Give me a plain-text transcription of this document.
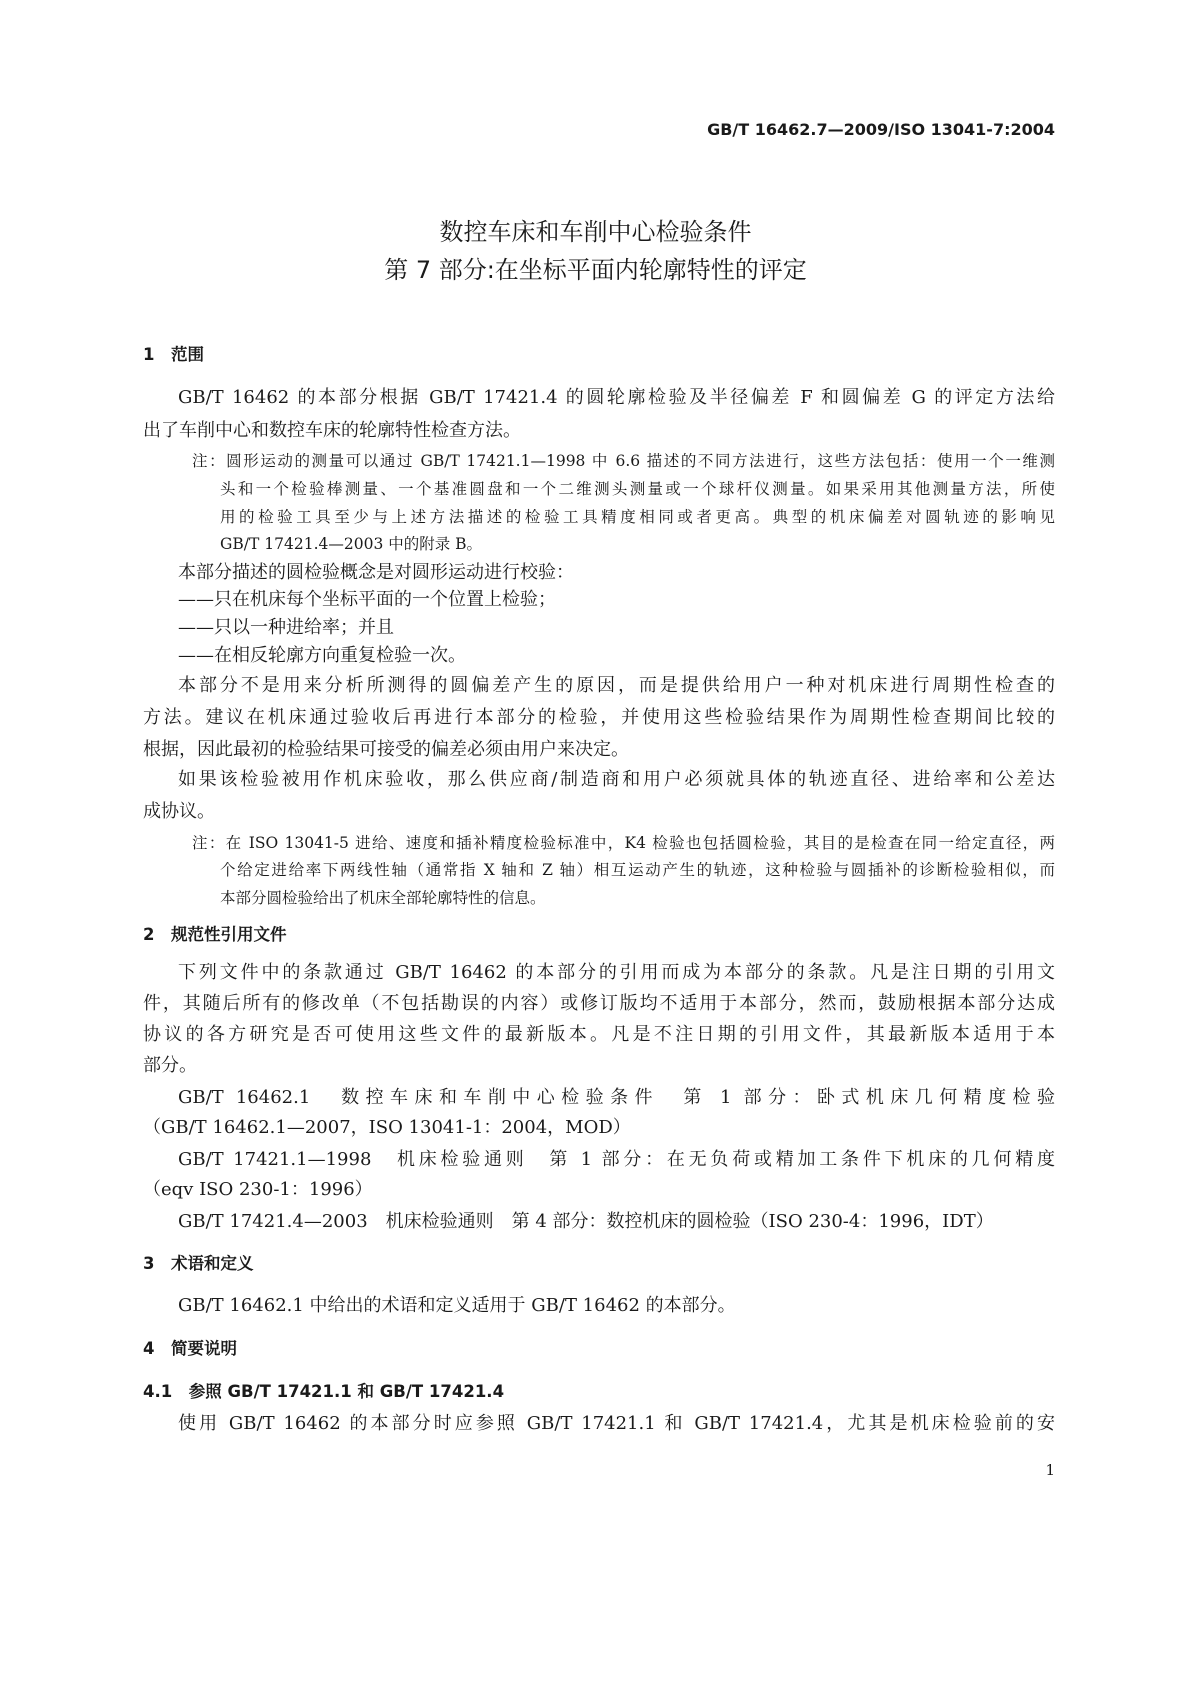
GB/T 16462.7—2009/ISO 13041-7:2004
数控车床和车削中心检验条件
第 7 部分:在坐标平面内轮廓特性的评定
1　范围
GB/T 16462 的本部分根据 GB/T 17421.4 的圆轮廓检验及半径偏差 F 和圆偏差 G 的评定方法给
出了车削中心和数控车床的轮廓特性检查方法。
注：圆形运动的测量可以通过 GB/T 17421.1—1998 中 6.6 描述的不同方法进行，这些方法包括：使用一个一维测
头和一个检验棒测量、一个基准圆盘和一个二维测头测量或一个球杆仪测量。如果采用其他测量方法，所使
用的检验工具至少与上述方法描述的检验工具精度相同或者更高。典型的机床偏差对圆轨迹的影响见
GB/T 17421.4—2003 中的附录 B。
本部分描述的圆检验概念是对圆形运动进行校验：
——只在机床每个坐标平面的一个位置上检验；
——只以一种进给率；并且
——在相反轮廓方向重复检验一次。
本部分不是用来分析所测得的圆偏差产生的原因，而是提供给用户一种对机床进行周期性检查的
方法。建议在机床通过验收后再进行本部分的检验，并使用这些检验结果作为周期性检查期间比较的
根据，因此最初的检验结果可接受的偏差必须由用户来决定。
如果该检验被用作机床验收，那么供应商/制造商和用户必须就具体的轨迹直径、进给率和公差达
成协议。
注：在 ISO 13041-5 进给、速度和插补精度检验标准中，K4 检验也包括圆检验，其目的是检查在同一给定直径，两
个给定进给率下两线性轴（通常指 X 轴和 Z 轴）相互运动产生的轨迹，这种检验与圆插补的诊断检验相似，而
本部分圆检验给出了机床全部轮廓特性的信息。
2　规范性引用文件
下列文件中的条款通过 GB/T 16462 的本部分的引用而成为本部分的条款。凡是注日期的引用文
件，其随后所有的修改单（不包括勘误的内容）或修订版均不适用于本部分，然而，鼓励根据本部分达成
协议的各方研究是否可使用这些文件的最新版本。凡是不注日期的引用文件，其最新版本适用于本
部分。
GB/T 16462.1　数控车床和车削中心检验条件　第 1 部分：卧式机床几何精度检验
（GB/T 16462.1—2007，ISO 13041-1：2004，MOD）
GB/T 17421.1—1998　机床检验通则　第 1 部分：在无负荷或精加工条件下机床的几何精度
（eqv ISO 230-1：1996）
GB/T 17421.4—2003　机床检验通则　第 4 部分：数控机床的圆检验（ISO 230-4：1996，IDT）
3　术语和定义
GB/T 16462.1 中给出的术语和定义适用于 GB/T 16462 的本部分。
4　简要说明
4.1　参照 GB/T 17421.1 和 GB/T 17421.4
使用 GB/T 16462 的本部分时应参照 GB/T 17421.1 和 GB/T 17421.4，尤其是机床检验前的安
1
